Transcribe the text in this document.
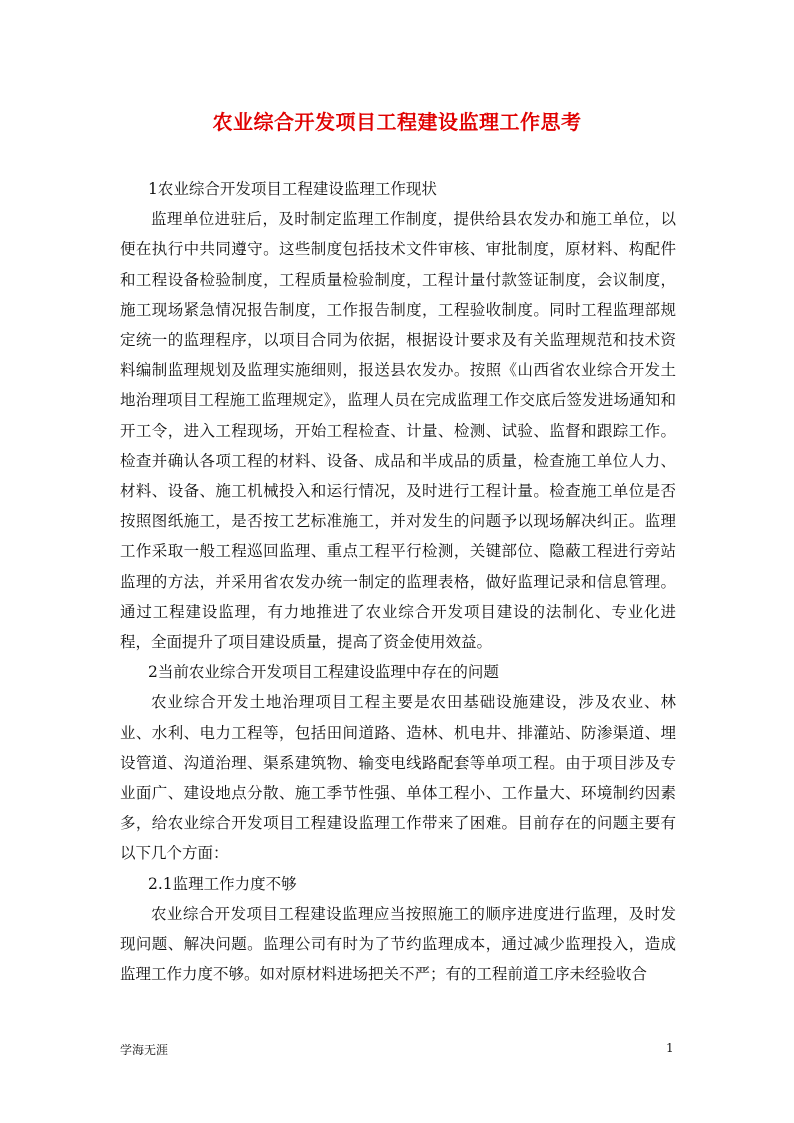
农业综合开发项目工程建设监理工作思考
1农业综合开发项目工程建设监理工作现状
监理单位进驻后，及时制定监理工作制度，提供给县农发办和施工单位，以便在执行中共同遵守。这些制度包括技术文件审核、审批制度，原材料、构配件和工程设备检验制度，工程质量检验制度，工程计量付款签证制度，会议制度，施工现场紧急情况报告制度，工作报告制度，工程验收制度。同时工程监理部规定统一的监理程序，以项目合同为依据，根据设计要求及有关监理规范和技术资料编制监理规划及监理实施细则，报送县农发办。按照《山西省农业综合开发土地治理项目工程施工监理规定》，监理人员在完成监理工作交底后签发进场通知和开工令，进入工程现场，开始工程检查、计量、检测、试验、监督和跟踪工作。检查并确认各项工程的材料、设备、成品和半成品的质量，检查施工单位人力、材料、设备、施工机械投入和运行情况，及时进行工程计量。检查施工单位是否按照图纸施工，是否按工艺标准施工，并对发生的问题予以现场解决纠正。监理工作采取一般工程巡回监理、重点工程平行检测，关键部位、隐蔽工程进行旁站监理的方法，并采用省农发办统一制定的监理表格，做好监理记录和信息管理。通过工程建设监理，有力地推进了农业综合开发项目建设的法制化、专业化进程，全面提升了项目建设质量，提高了资金使用效益。
2当前农业综合开发项目工程建设监理中存在的问题
农业综合开发土地治理项目工程主要是农田基础设施建设，涉及农业、林业、水利、电力工程等，包括田间道路、造林、机电井、排灌站、防渗渠道、埋设管道、沟道治理、渠系建筑物、输变电线路配套等单项工程。由于项目涉及专业面广、建设地点分散、施工季节性强、单体工程小、工作量大、环境制约因素多，给农业综合开发项目工程建设监理工作带来了困难。目前存在的问题主要有以下几个方面：
2.1监理工作力度不够
农业综合开发项目工程建设监理应当按照施工的顺序进度进行监理，及时发现问题、解决问题。监理公司有时为了节约监理成本，通过减少监理投入，造成监理工作力度不够。如对原材料进场把关不严；有的工程前道工序未经验收合
学海无涯	1
